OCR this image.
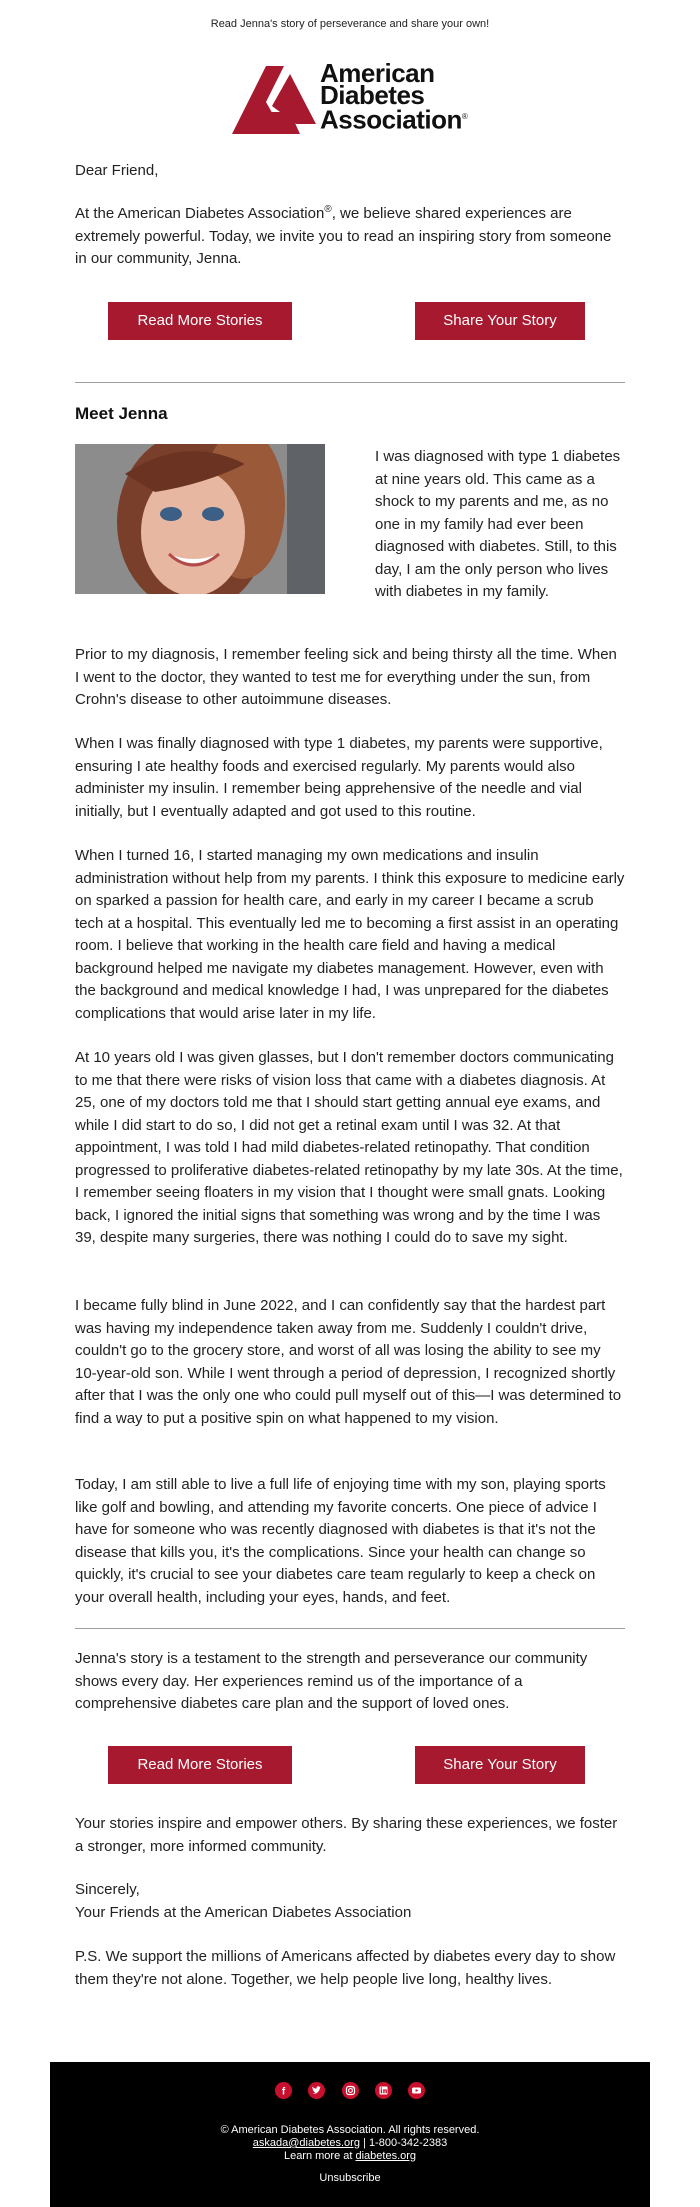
Read Jenna's story of perseverance and share your own!
American
Diabetes
Association®

Dear Friend,

At the American Diabetes Association®, we believe shared experiences are extremely powerful. Today, we invite you to read an inspiring story from someone in our community, Jenna.

Read More Stories	Share Your Story
Meet Jenna

I was diagnosed with type 1 diabetes at nine years old. This came as a shock to my parents and me, as no one in my family had ever been diagnosed with diabetes. Still, to this day, I am the only person who lives with diabetes in my family.

Prior to my diagnosis, I remember feeling sick and being thirsty all the time. When I went to the doctor, they wanted to test me for everything under the sun, from Crohn's disease to other autoimmune diseases.

When I was finally diagnosed with type 1 diabetes, my parents were supportive, ensuring I ate healthy foods and exercised regularly. My parents would also administer my insulin. I remember being apprehensive of the needle and vial initially, but I eventually adapted and got used to this routine.

When I turned 16, I started managing my own medications and insulin administration without help from my parents. I think this exposure to medicine early on sparked a passion for health care, and early in my career I became a scrub tech at a hospital. This eventually led me to becoming a first assist in an operating room. I believe that working in the health care field and having a medical background helped me navigate my diabetes management. However, even with the background and medical knowledge I had, I was unprepared for the diabetes complications that would arise later in my life.

At 10 years old I was given glasses, but I don't remember doctors communicating to me that there were risks of vision loss that came with a diabetes diagnosis. At 25, one of my doctors told me that I should start getting annual eye exams, and while I did start to do so, I did not get a retinal exam until I was 32. At that appointment, I was told I had mild diabetes-related retinopathy. That condition progressed to proliferative diabetes-related retinopathy by my late 30s. At the time, I remember seeing floaters in my vision that I thought were small gnats. Looking back, I ignored the initial signs that something was wrong and by the time I was 39, despite many surgeries, there was nothing I could do to save my sight.

I became fully blind in June 2022, and I can confidently say that the hardest part was having my independence taken away from me. Suddenly I couldn't drive, couldn't go to the grocery store, and worst of all was losing the ability to see my 10-year-old son. While I went through a period of depression, I recognized shortly after that I was the only one who could pull myself out of this—I was determined to find a way to put a positive spin on what happened to my vision.

Today, I am still able to live a full life of enjoying time with my son, playing sports like golf and bowling, and attending my favorite concerts. One piece of advice I have for someone who was recently diagnosed with diabetes is that it's not the disease that kills you, it's the complications. Since your health can change so quickly, it's crucial to see your diabetes care team regularly to keep a check on your overall health, including your eyes, hands, and feet.

Jenna's story is a testament to the strength and perseverance our community shows every day. Her experiences remind us of the importance of a comprehensive diabetes care plan and the support of loved ones.

Read More Stories	Share Your Story

Your stories inspire and empower others. By sharing these experiences, we foster a stronger, more informed community.

Sincerely,

Your Friends at the American Diabetes Association

P.S. We support the millions of Americans affected by diabetes every day to show them they're not alone. Together, we help people live long, healthy lives.

f

© American Diabetes Association. All rights reserved.
askada@diabetes.org | 1-800-342-2383
Learn more at diabetes.org
Unsubscribe
